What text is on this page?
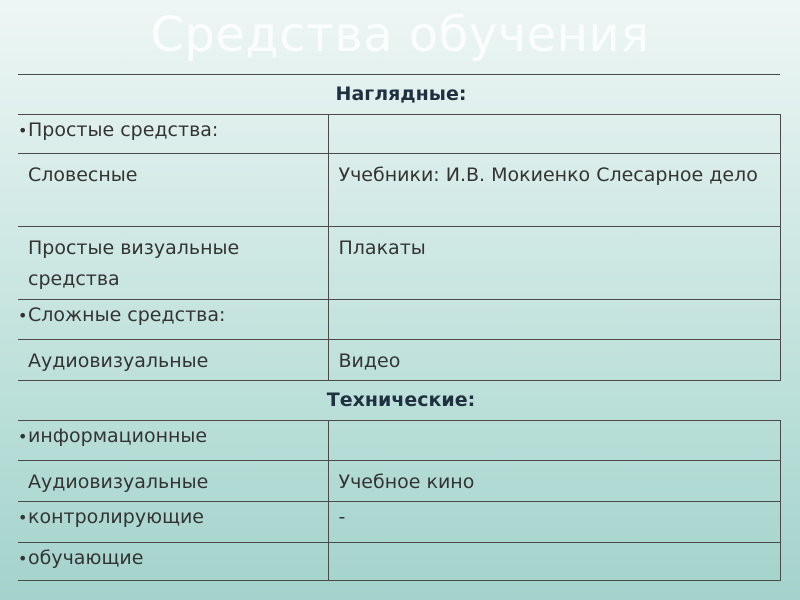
Средства обучения
Наглядные:	
•Простые средства:	
Словесные	Учебники: И.В. Мокиенко Слесарное дело
Простые визуальные средства	Плакаты
•Сложные средства:	
Аудиовизуальные	Видео
Технические:	
•информационные	
Аудиовизуальные	Учебное кино
•контролирующие	-
•обучающие	
